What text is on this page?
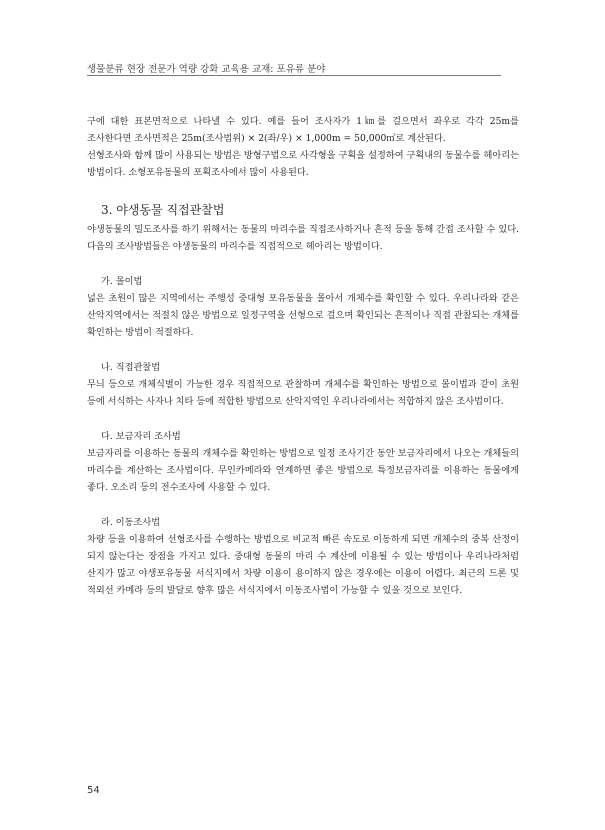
생물분류 현장 전문가 역량 강화 교육용 교재: 포유류 분야

구에 대한 표본면적으로 나타낼 수 있다. 예를 들어 조사자가 1㎞를 걸으면서 좌우로 각각 25m를 조사한다면 조사면적은 25m(조사범위) × 2(좌/우) × 1,000m = 50,000㎡로 계산된다.

선형조사와 함께 많이 사용되는 방법은 방형구법으로 사각형을 구획을 설정하여 구획내의 동물수를 헤아리는 방법이다. 소형포유동물의 포획조사에서 많이 사용된다.

3. 야생동물 직접관찰법

야생동물의 밀도조사를 하기 위해서는 동물의 마리수를 직접조사하거나 흔적 등을 통해 간접 조사할 수 있다. 다음의 조사방법들은 야생동물의 마리수를 직접적으로 헤아리는 방법이다.

가. 몰이법

넓은 초원이 많은 지역에서는 주행성 중대형 포유동물을 몰아서 개체수를 확인할 수 있다. 우리나라와 같은 산악지역에서는 적절치 않은 방법으로 일정구역을 선형으로 걸으며 확인되는 흔적이나 직접 관찰되는 개체를 확인하는 방법이 적절하다.

나. 직접관찰법

무늬 등으로 개체식별이 가능한 경우 직접적으로 관찰하며 개체수를 확인하는 방법으로 몰이법과 같이 초원 등에 서식하는 사자나 치타 등에 적합한 방법으로 산악지역인 우리나라에서는 적합하지 않은 조사법이다.

다. 보금자리 조사법

보금자리를 이용하는 동물의 개체수를 확인하는 방법으로 일정 조사기간 동안 보금자리에서 나오는 개체들의 마리수를 계산하는 조사법이다. 무인카메라와 연계하면 좋은 방법으로 특정보금자리를 이용하는 동물에게 좋다. 오소리 등의 전수조사에 사용할 수 있다.

라. 이동조사법

차량 등을 이용하여 선형조사를 수행하는 방법으로 비교적 빠른 속도로 이동하게 되면 개체수의 중복 산정이 되지 않는다는 장점을 가지고 있다. 중대형 동물의 마리 수 계산에 이용될 수 있는 방법이나 우리나라처럼 산지가 많고 야생포유동물 서식지에서 차량 이용이 용이하지 않은 경우에는 이용이 어렵다. 최근의 드론 및 적외선 카메라 등의 발달로 향후 많은 서식지에서 이동조사법이 가능할 수 있을 것으로 보인다.

54
